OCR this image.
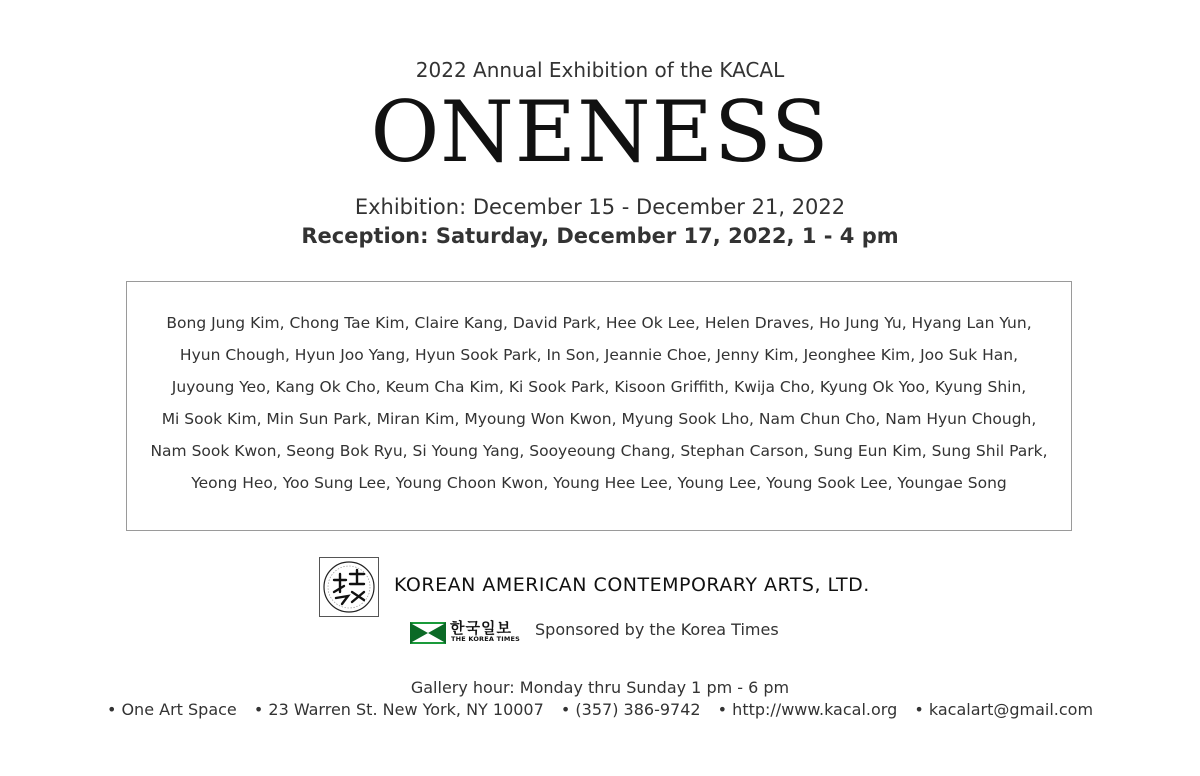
2022 Annual Exhibition of the KACAL
ONENESS
Exhibition: December 15 - December 21, 2022
Reception: Saturday, December 17, 2022, 1 - 4 pm
Bong Jung Kim, Chong Tae Kim, Claire Kang, David Park, Hee Ok Lee, Helen Draves, Ho Jung Yu, Hyang Lan Yun,
Hyun Chough, Hyun Joo Yang, Hyun Sook Park, In Son, Jeannie Choe, Jenny Kim, Jeonghee Kim, Joo Suk Han,
Juyoung Yeo, Kang Ok Cho, Keum Cha Kim, Ki Sook Park, Kisoon Griffith, Kwija Cho, Kyung Ok Yoo, Kyung Shin,
Mi Sook Kim, Min Sun Park, Miran Kim, Myoung Won Kwon, Myung Sook Lho, Nam Chun Cho, Nam Hyun Chough,
Nam Sook Kwon, Seong Bok Ryu, Si Young Yang, Sooyeoung Chang, Stephan Carson, Sung Eun Kim, Sung Shil Park,
Yeong Heo, Yoo Sung Lee, Young Choon Kwon, Young Hee Lee, Young Lee, Young Sook Lee, Youngae Song
KOREAN AMERICAN CONTEMPORARY ARTS, LTD.
한국일보
THE KOREA TIMES Sponsored by the Korea Times
Gallery hour: Monday thru Sunday 1 pm - 6 pm
• One Art Space • 23 Warren St. New York, NY 10007 • (357) 386-9742 • http://www.kacal.org • kacalart@gmail.com
